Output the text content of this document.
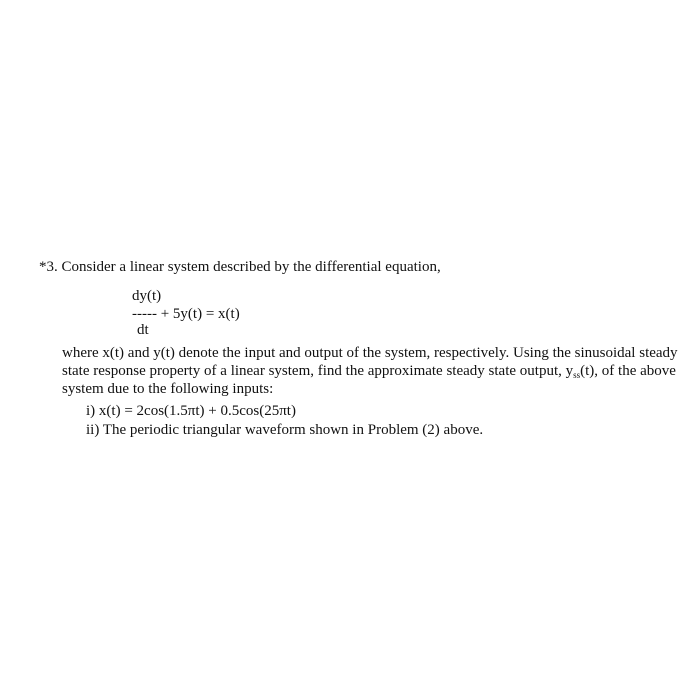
*3. Consider a linear system described by the differential equation,
dy(t)
----- + 5y(t) = x(t)
dt
where x(t) and y(t) denote the input and output of the system, respectively. Using the sinusoidal steady
state response property of a linear system, find the approximate steady state output, $y_{ss}(t)$, of the above
system due to the following inputs:
i) x(t) = 2cos(1.5πt) + 0.5cos(25πt)
ii) The periodic triangular waveform shown in Problem (2) above.
